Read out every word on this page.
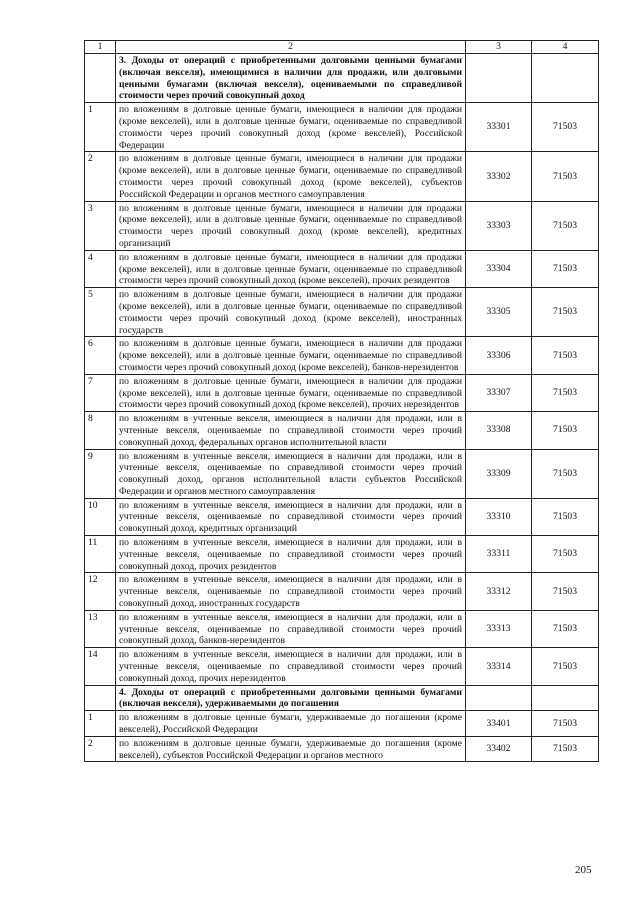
1	2	3	4
	3. Доходы от операций с приобретенными долговыми ценными бумагами (включая векселя), имеющимися в наличии для продажи, или долговыми ценными бумагами (включая векселя), оцениваемыми по справедливой стоимости через прочий совокупный доход		
1	по вложениям в долговые ценные бумаги, имеющиеся в наличии для продажи (кроме векселей), или в долговые ценные бумаги, оцениваемые по справедливой стоимости через прочий совокупный доход (кроме векселей), Российской Федерации	33301	71503
2	по вложениям в долговые ценные бумаги, имеющиеся в наличии для продажи (кроме векселей), или в долговые ценные бумаги, оцениваемые по справедливой стоимости через прочий совокупный доход (кроме векселей), субъектов Российской Федерации и органов местного самоуправления	33302	71503
3	по вложениям в долговые ценные бумаги, имеющиеся в наличии для продажи (кроме векселей), или в долговые ценные бумаги, оцениваемые по справедливой стоимости через прочий совокупный доход (кроме векселей), кредитных организаций	33303	71503
4	по вложениям в долговые ценные бумаги, имеющиеся в наличии для продажи (кроме векселей), или в долговые ценные бумаги, оцениваемые по справедливой стоимости через прочий совокупный доход (кроме векселей), прочих резидентов	33304	71503
5	по вложениям в долговые ценные бумаги, имеющиеся в наличии для продажи (кроме векселей), или в долговые ценные бумаги, оцениваемые по справедливой стоимости через прочий совокупный доход (кроме векселей), иностранных государств	33305	71503
6	по вложениям в долговые ценные бумаги, имеющиеся в наличии для продажи (кроме векселей), или в долговые ценные бумаги, оцениваемые по справедливой стоимости через прочий совокупный доход (кроме векселей), банков-нерезидентов	33306	71503
7	по вложениям в долговые ценные бумаги, имеющиеся в наличии для продажи (кроме векселей), или в долговые ценные бумаги, оцениваемые по справедливой стоимости через прочий совокупный доход (кроме векселей), прочих нерезидентов	33307	71503
8	по вложениям в учтенные векселя, имеющиеся в наличии для продажи, или в учтенные векселя, оцениваемые по справедливой стоимости через прочий совокупный доход, федеральных органов исполнительной власти	33308	71503
9	по вложениям в учтенные векселя, имеющиеся в наличии для продажи, или в учтенные векселя, оцениваемые по справедливой стоимости через прочий совокупный доход, органов исполнительной власти субъектов Российской Федерации и органов местного самоуправления	33309	71503
10	по вложениям в учтенные векселя, имеющиеся в наличии для продажи, или в учтенные векселя, оцениваемые по справедливой стоимости через прочий совокупный доход, кредитных организаций	33310	71503
11	по вложениям в учтенные векселя, имеющиеся в наличии для продажи, или в учтенные векселя, оцениваемые по справедливой стоимости через прочий совокупный доход, прочих резидентов	33311	71503
12	по вложениям в учтенные векселя, имеющиеся в наличии для продажи, или в учтенные векселя, оцениваемые по справедливой стоимости через прочий совокупный доход, иностранных государств	33312	71503
13	по вложениям в учтенные векселя, имеющиеся в наличии для продажи, или в учтенные векселя, оцениваемые по справедливой стоимости через прочий совокупный доход, банков-нерезидентов	33313	71503
14	по вложениям в учтенные векселя, имеющиеся в наличии для продажи, или в учтенные векселя, оцениваемые по справедливой стоимости через прочий совокупный доход, прочих нерезидентов	33314	71503
	4. Доходы от операций с приобретенными долговыми ценными бумагами (включая векселя), удерживаемыми до погашения		
1	по вложениям в долговые ценные бумаги, удерживаемые до погашения (кроме векселей), Российской Федерации	33401	71503
2	по вложениям в долговые ценные бумаги, удерживаемые до погашения (кроме векселей), субъектов Российской Федерации и органов местного	33402	71503
205
